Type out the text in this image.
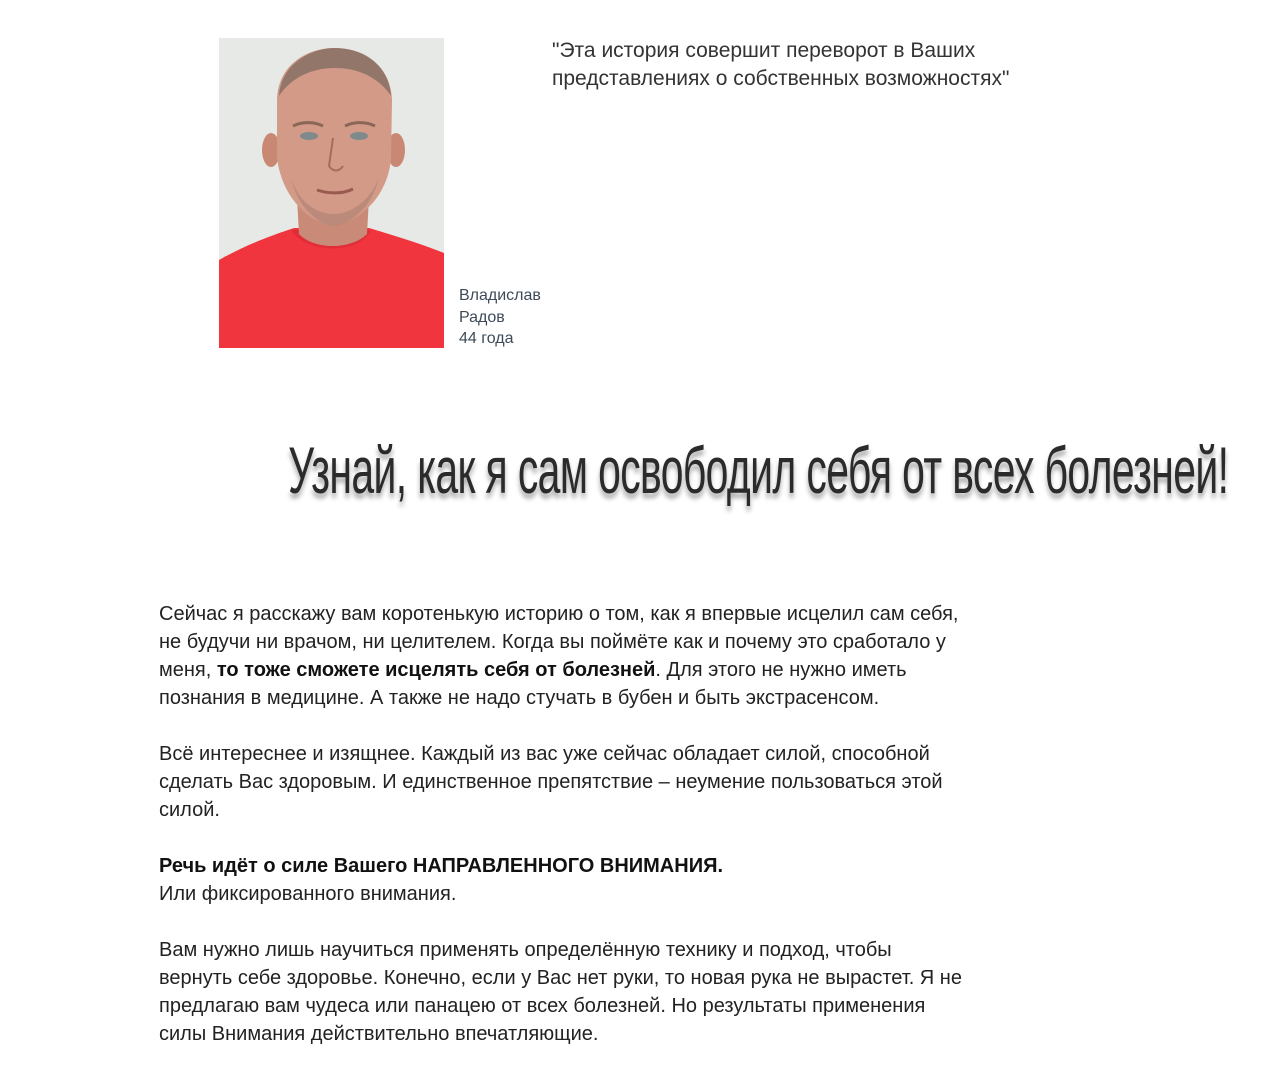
Владислав
Радов
44 года
"Эта история совершит переворот в Ваших
представлениях о собственных возможностях"
Узнай, как я сам освободил себя от всех болезней!

Сейчас я расскажу вам коротенькую историю о том, как я впервые исцелил сам себя,
не будучи ни врачом, ни целителем. Когда вы поймёте как и почему это сработало у
меня, то тоже сможете исцелять себя от болезней. Для этого не нужно иметь
познания в медицине. А также не надо стучать в бубен и быть экстрасенсом.

Всё интереснее и изящнее. Каждый из вас уже сейчас обладает силой, способной
сделать Вас здоровым. И единственное препятствие – неумение пользоваться этой
силой.

Речь идёт о силе Вашего НАПРАВЛЕННОГО ВНИМАНИЯ.
Или фиксированного внимания.

Вам нужно лишь научиться применять определённую технику и подход, чтобы
вернуть себе здоровье. Конечно, если у Вас нет руки, то новая рука не вырастет. Я не
предлагаю вам чудеса или панацею от всех болезней. Но результаты применения
силы Внимания действительно впечатляющие.
